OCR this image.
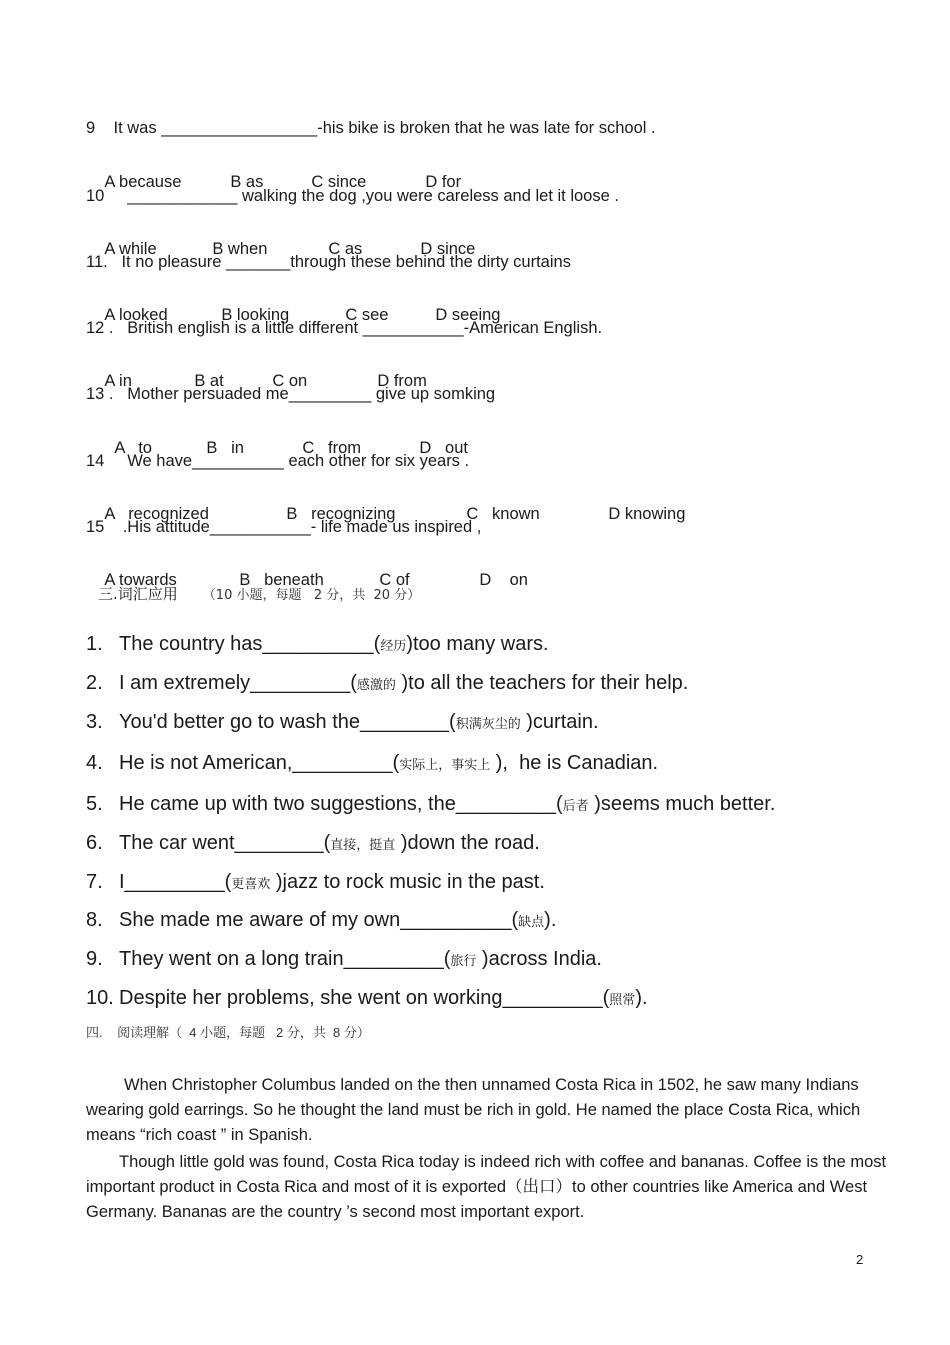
9    It was _________________-his bike is broken that he was late for school .

A because	B as	C since	D for

10     ____________ walking the dog ,you were careless and let it loose .

A while	B when	C as	D since

11.   It no pleasure _______through these behind the dirty curtains

A looked	B looking	C see	D seeing

12 .   British english is a little different ___________-American English.

A in	B at	C on	D from

13 .   Mother persuaded me_________ give up somking

A   to	B   in	C   from	D   out

14     We have__________ each other for six years .

A   recognized	B   recognizing	C   known	D knowing

15    .His attitude___________- life made us inspired ,

A towards	B   beneath	C of	D    on

三.词汇应用 （10 小题，每题   2 分，共  20 分）
1. The country has__________(经历)too many wars.
2. I am extremely_________(感激的 )to all the teachers for their help.
3. You'd better go to wash the________(积满灰尘的 )curtain.
4. He is not American,_________(实际上，事实上 ),  he is Canadian.
5. He came up with two suggestions, the_________(后者 )seems much better.
6. The car went________(直接，挺直 )down the road.
7. I_________(更喜欢 )jazz to rock music in the past.
8. She made me aware of my own__________(缺点).
9. They went on a long train_________(旅行 )across India.
10. Despite her problems, she went on working_________(照常).
四. 阅读理解（  4 小题，每题   2 分，共  8 分）

When Christopher Columbus landed on the then unnamed Costa Rica in 1502, he saw many Indians wearing gold earrings. So he thought the land must be rich in gold. He named the place Costa Rica, which means “rich coast ” in Spanish.

Though little gold was found, Costa Rica today is indeed rich with coffee and bananas. Coffee is the most important product in Costa Rica and most of it is exported（出口）to other countries like America and West Germany. Bananas are the country ’s second most important export.

2
